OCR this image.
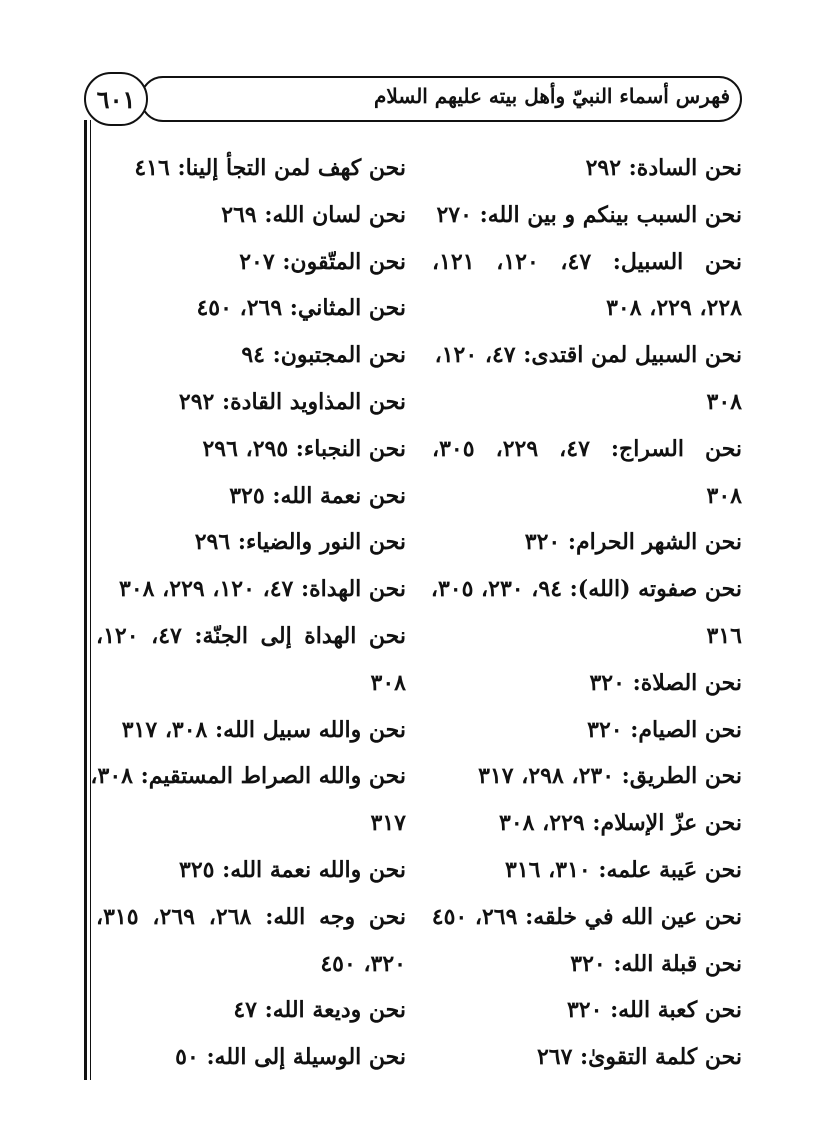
٦٠١	فهرس أسماء النبيّ وأهل بيته عليهم السلام
نحن السادة: ٢٩٢
نحن السبب بينكم و بين الله: ٢٧٠
نحن السبيل: ٤٧، ١٢٠، ١٢١،
٢٢٨، ٢٢٩، ٣٠٨
نحن السبيل لمن اقتدى: ٤٧، ١٢٠،
٣٠٨
نحن السراج: ٤٧، ٢٢٩، ٣٠٥،
٣٠٨
نحن الشهر الحرام: ٣٢٠
نحن صفوته (الله): ٩٤، ٢٣٠، ٣٠٥،
٣١٦
نحن الصلاة: ٣٢٠
نحن الصيام: ٣٢٠
نحن الطريق: ٢٣٠، ٢٩٨، ٣١٧
نحن عزّ الإسلام: ٢٢٩، ٣٠٨
نحن عَيبة علمه: ٣١٠، ٣١٦
نحن عين الله في خلقه: ٢٦٩، ٤٥٠
نحن قبلة الله: ٣٢٠
نحن كعبة الله: ٣٢٠
نحن كلمة التقوىٰ: ٢٦٧
نحن كهف لمن التجأ إلينا: ٤١٦
نحن لسان الله: ٢٦٩
نحن المتّقون: ٢٠٧
نحن المثاني: ٢٦٩، ٤٥٠
نحن المجتبون: ٩٤
نحن المذاويد القادة: ٢٩٢
نحن النجباء: ٢٩٥، ٢٩٦
نحن نعمة الله: ٣٢٥
نحن النور والضياء: ٢٩٦
نحن الهداة: ٤٧، ١٢٠، ٢٢٩، ٣٠٨
نحن الهداة إلى الجنّة: ٤٧، ١٢٠،
٣٠٨
نحن والله سبيل الله: ٣٠٨، ٣١٧
نحن والله الصراط المستقيم: ٣٠٨،
٣١٧
نحن والله نعمة الله: ٣٢٥
نحن وجه الله: ٢٦٨، ٢٦٩، ٣١٥،
٣٢٠، ٤٥٠
نحن وديعة الله: ٤٧
نحن الوسيلة إلى الله: ٥٠
